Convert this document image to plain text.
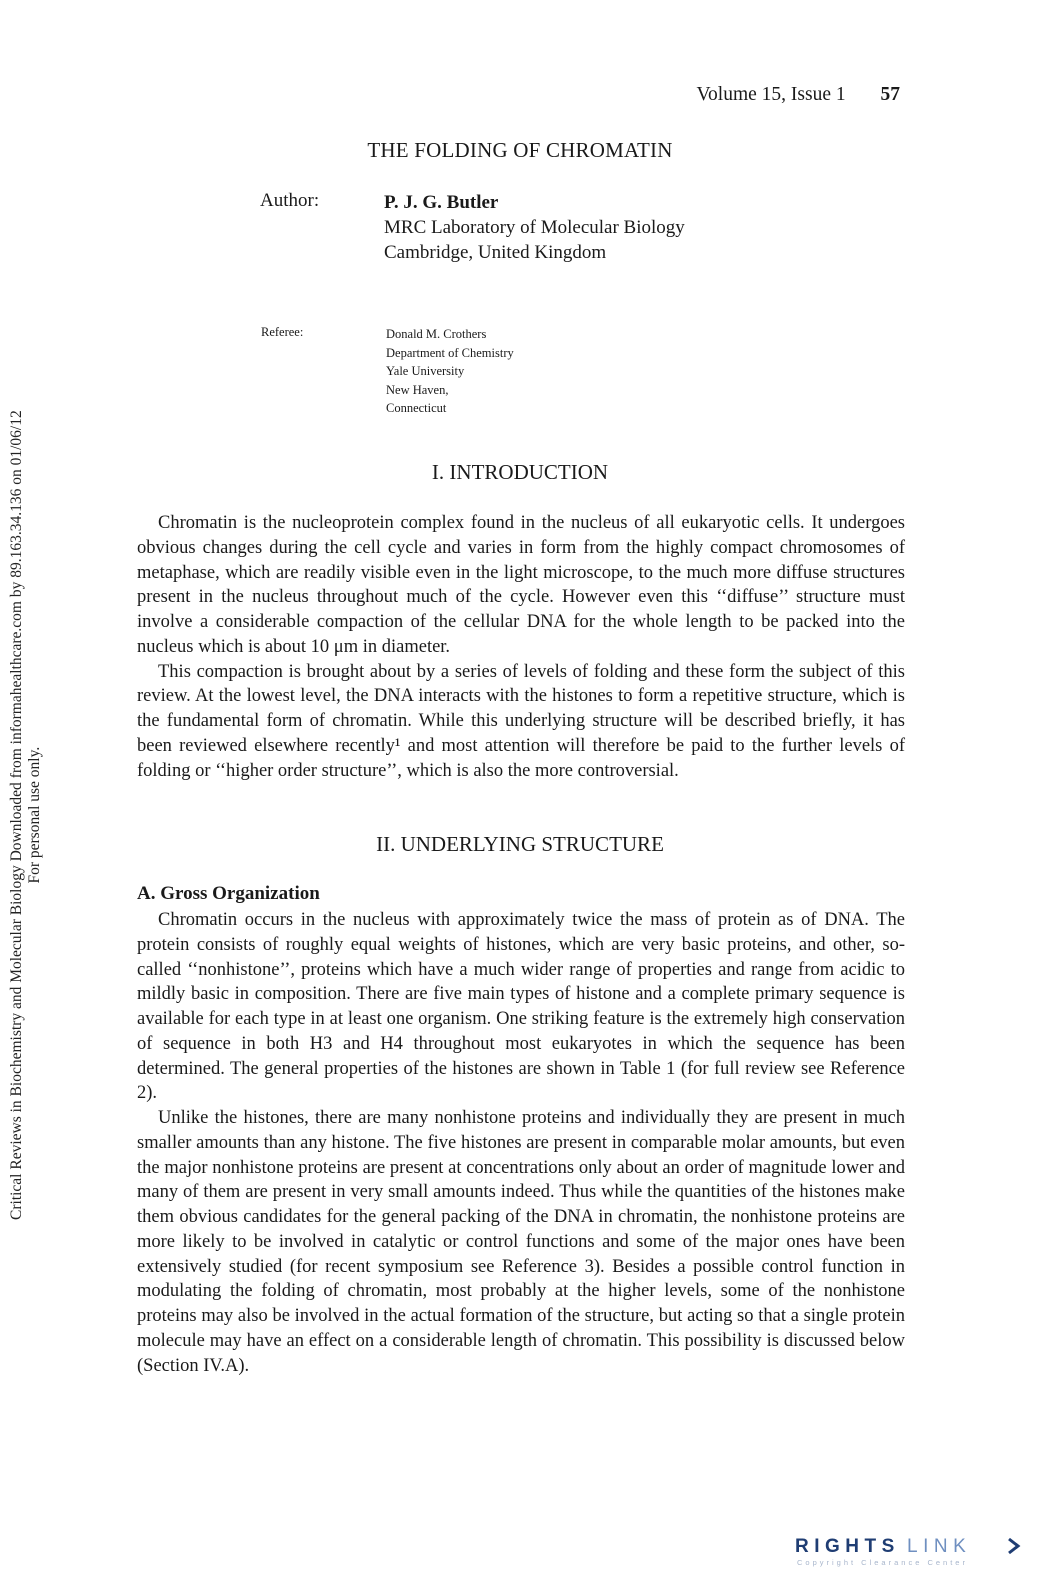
Volume 15, Issue 1 57
THE FOLDING OF CHROMATIN
Author:	P. J. G. Butler
MRC Laboratory of Molecular Biology
Cambridge, United Kingdom
Referee:	Donald M. Crothers
Department of Chemistry
Yale University
New Haven,
Connecticut
I. INTRODUCTION

Chromatin is the nucleoprotein complex found in the nucleus of all eukaryotic cells. It undergoes obvious changes during the cell cycle and varies in form from the highly compact chromosomes of metaphase, which are readily visible even in the light microscope, to the much more diffuse structures present in the nucleus throughout much of the cycle. However even this ‘‘diffuse’’ structure must involve a considerable compaction of the cellular DNA for the whole length to be packed into the nucleus which is about 10 μm in diameter.

This compaction is brought about by a series of levels of folding and these form the subject of this review. At the lowest level, the DNA interacts with the histones to form a repetitive structure, which is the fundamental form of chromatin. While this underlying structure will be described briefly, it has been reviewed elsewhere recently¹ and most attention will therefore be paid to the further levels of folding or ‘‘higher order structure’’, which is also the more controversial.

II. UNDERLYING STRUCTURE
A. Gross Organization

Chromatin occurs in the nucleus with approximately twice the mass of protein as of DNA. The protein consists of roughly equal weights of histones, which are very basic proteins, and other, so-called ‘‘nonhistone’’, proteins which have a much wider range of properties and range from acidic to mildly basic in composition. There are five main types of histone and a complete primary sequence is available for each type in at least one organism. One striking feature is the extremely high conservation of sequence in both H3 and H4 throughout most eukaryotes in which the sequence has been determined. The general properties of the histones are shown in Table 1 (for full review see Reference 2).

Unlike the histones, there are many nonhistone proteins and individually they are present in much smaller amounts than any histone. The five histones are present in comparable molar amounts, but even the major nonhistone proteins are present at concentrations only about an order of magnitude lower and many of them are present in very small amounts indeed. Thus while the quantities of the histones make them obvious candidates for the general packing of the DNA in chromatin, the nonhistone proteins are more likely to be involved in catalytic or control functions and some of the major ones have been extensively studied (for recent symposium see Reference 3). Besides a possible control function in modulating the folding of chromatin, most probably at the higher levels, some of the nonhistone proteins may also be involved in the actual formation of the structure, but acting so that a single protein molecule may have an effect on a considerable length of chromatin. This possibility is discussed below (Section IV.A).

Critical Reviews in Biochemistry and Molecular Biology Downloaded from informahealthcare.com by 89.163.34.136 on 01/06/12 For personal use only.
RIGHTS LINK
Copyright Clearance Center
